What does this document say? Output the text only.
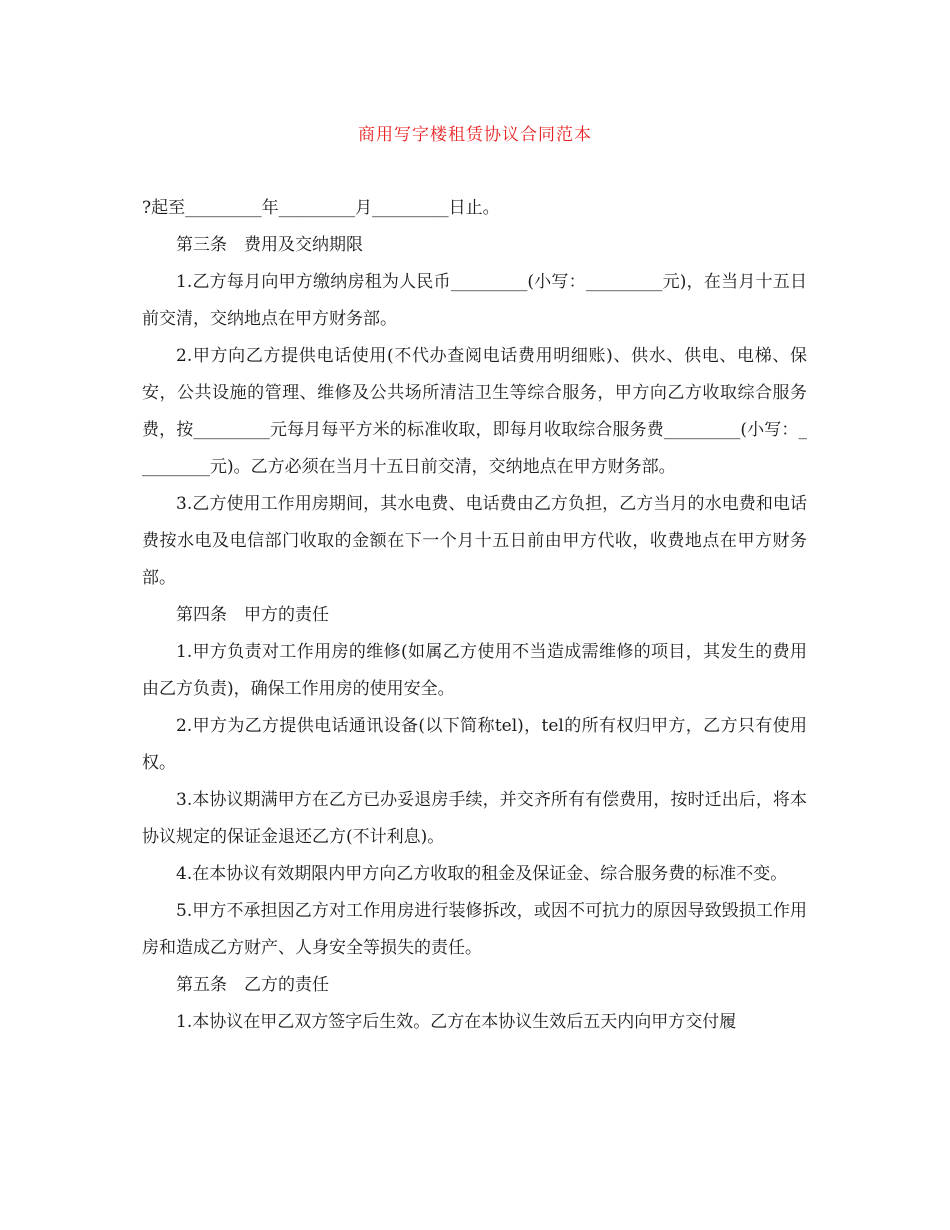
商用写字楼租赁协议合同范本

?起至_________年_________月_________日止。

第三条　费用及交纳期限

1.乙方每月向甲方缴纳房租为人民币_________(小写：_________元)，在当月十五日前交清，交纳地点在甲方财务部。

2.甲方向乙方提供电话使用(不代办查阅电话费用明细账)、供水、供电、电梯、保安，公共设施的管理、维修及公共场所清洁卫生等综合服务，甲方向乙方收取综合服务费，按_________元每月每平方米的标准收取，即每月收取综合服务费_________(小写：_________元)。乙方必须在当月十五日前交清，交纳地点在甲方财务部。

3.乙方使用工作用房期间，其水电费、电话费由乙方负担，乙方当月的水电费和电话费按水电及电信部门收取的金额在下一个月十五日前由甲方代收，收费地点在甲方财务部。

第四条　甲方的责任

1.甲方负责对工作用房的维修(如属乙方使用不当造成需维修的项目，其发生的费用由乙方负责)，确保工作用房的使用安全。

2.甲方为乙方提供电话通讯设备(以下简称tel)，tel的所有权归甲方，乙方只有使用权。

3.本协议期满甲方在乙方已办妥退房手续，并交齐所有有偿费用，按时迁出后，将本协议规定的保证金退还乙方(不计利息)。

4.在本协议有效期限内甲方向乙方收取的租金及保证金、综合服务费的标准不变。

5.甲方不承担因乙方对工作用房进行装修拆改，或因不可抗力的原因导致毁损工作用房和造成乙方财产、人身安全等损失的责任。

第五条　乙方的责任

1.本协议在甲乙双方签字后生效。乙方在本协议生效后五天内向甲方交付履
